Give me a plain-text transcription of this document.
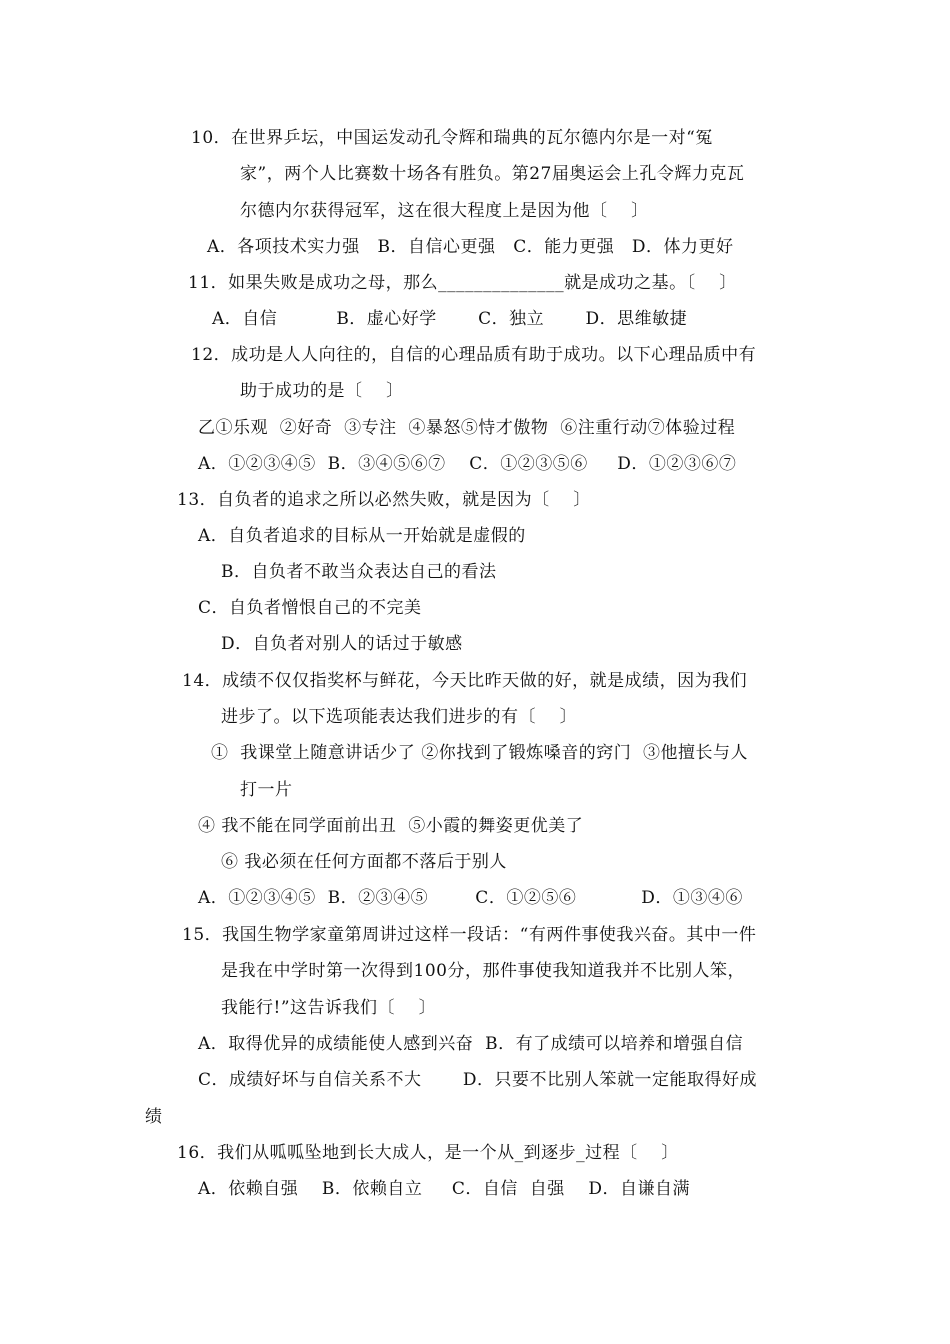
10．在世界乒坛，中国运发动孔令辉和瑞典的瓦尔德内尔是一对“冤
家”，两个人比赛数十场各有胜负。第27届奥运会上孔令辉力克瓦
尔德内尔获得冠军，这在很大程度上是因为他〔    〕
A．各项技术实力强   B．自信心更强   C．能力更强   D．体力更好
11．如果失败是成功之母，那么______________就是成功之基。〔    〕
A．自信          B．虚心好学       C．独立       D．思维敏捷
12．成功是人人向往的，自信的心理品质有助于成功。以下心理品质中有
助于成功的是〔    〕
乙①乐观  ②好奇  ③专注  ④暴怒⑤恃才傲物  ⑥注重行动⑦体验过程
A．①②③④⑤  B．③④⑤⑥⑦    C．①②③⑤⑥     D．①②③⑥⑦
13．自负者的追求之所以必然失败，就是因为〔    〕
A．自负者追求的目标从一开始就是虚假的
B．自负者不敢当众表达自己的看法
C．自负者憎恨自己的不完美
D．自负者对别人的话过于敏感
14．成绩不仅仅指奖杯与鲜花，今天比昨天做的好，就是成绩，因为我们
进步了。以下选项能表达我们进步的有〔    〕
①  我课堂上随意讲话少了 ②你找到了锻炼嗓音的窍门  ③他擅长与人
打一片
④ 我不能在同学面前出丑  ⑤小霞的舞姿更优美了
⑥ 我必须在任何方面都不落后于别人
A．①②③④⑤  B．②③④⑤        C．①②⑤⑥           D．①③④⑥
15．我国生物学家童第周讲过这样一段话：“有两件事使我兴奋。其中一件
是我在中学时第一次得到100分，那件事使我知道我并不比别人笨，
我能行!”这告诉我们〔    〕
A．取得优异的成绩能使人感到兴奋  B．有了成绩可以培养和增强自信
C．成绩好坏与自信关系不大       D．只要不比别人笨就一定能取得好成
绩
16．我们从呱呱坠地到长大成人，是一个从_到逐步_过程〔    〕
A．依赖自强    B．依赖自立     C．自信  自强    D．自谦自满
